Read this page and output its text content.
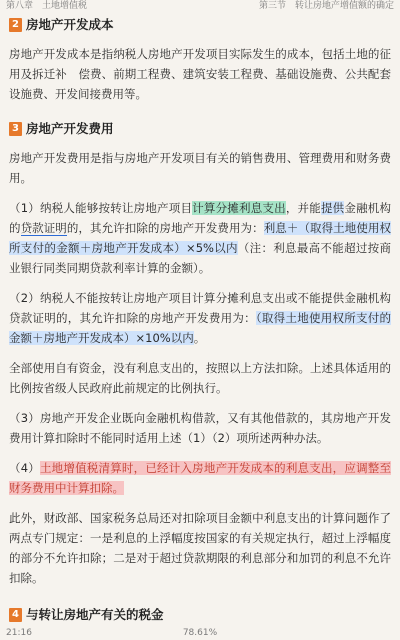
第八章　土地增值税	第三节　转让房地产增值额的确定
2 房地产开发成本

房地产开发成本是指纳税人房地产开发项目实际发生的成本，包括土地的征用及拆迁补　偿费、前期工程费、建筑安装工程费、基础设施费、公共配套设施费、开发间接费用等。

3 房地产开发费用

房地产开发费用是指与房地产开发项目有关的销售费用、管理费用和财务费用。

（1）纳税人能够按转让房地产项目计算分摊利息支出，并能提供金融机构的贷款证明的，其允许扣除的房地产开发费用为：利息＋（取得土地使用权所支付的金额＋房地产开发成本）×5%以内（注：利息最高不能超过按商业银行同类同期贷款利率计算的金额）。

（2）纳税人不能按转让房地产项目计算分摊利息支出或不能提供金融机构贷款证明的，其允许扣除的房地产开发费用为：（取得土地使用权所支付的金额＋房地产开发成本）×10%以内。

全部使用自有资金，没有利息支出的，按照以上方法扣除。上述具体适用的比例按省级人民政府此前规定的比例执行。

（3）房地产开发企业既向金融机构借款，又有其他借款的，其房地产开发费用计算扣除时不能同时适用上述（1）（2）项所述两种办法。

（4）土地增值税清算时，已经计入房地产开发成本的利息支出，应调整至财务费用中计算扣除。

此外，财政部、国家税务总局还对扣除项目金额中利息支出的计算问题作了两点专门规定：一是利息的上浮幅度按国家的有关规定执行，超过上浮幅度的部分不允许扣除；二是对于超过贷款期限的利息部分和加罚的利息不允许扣除。

4 与转让房地产有关的税金
21:16	78.61%
